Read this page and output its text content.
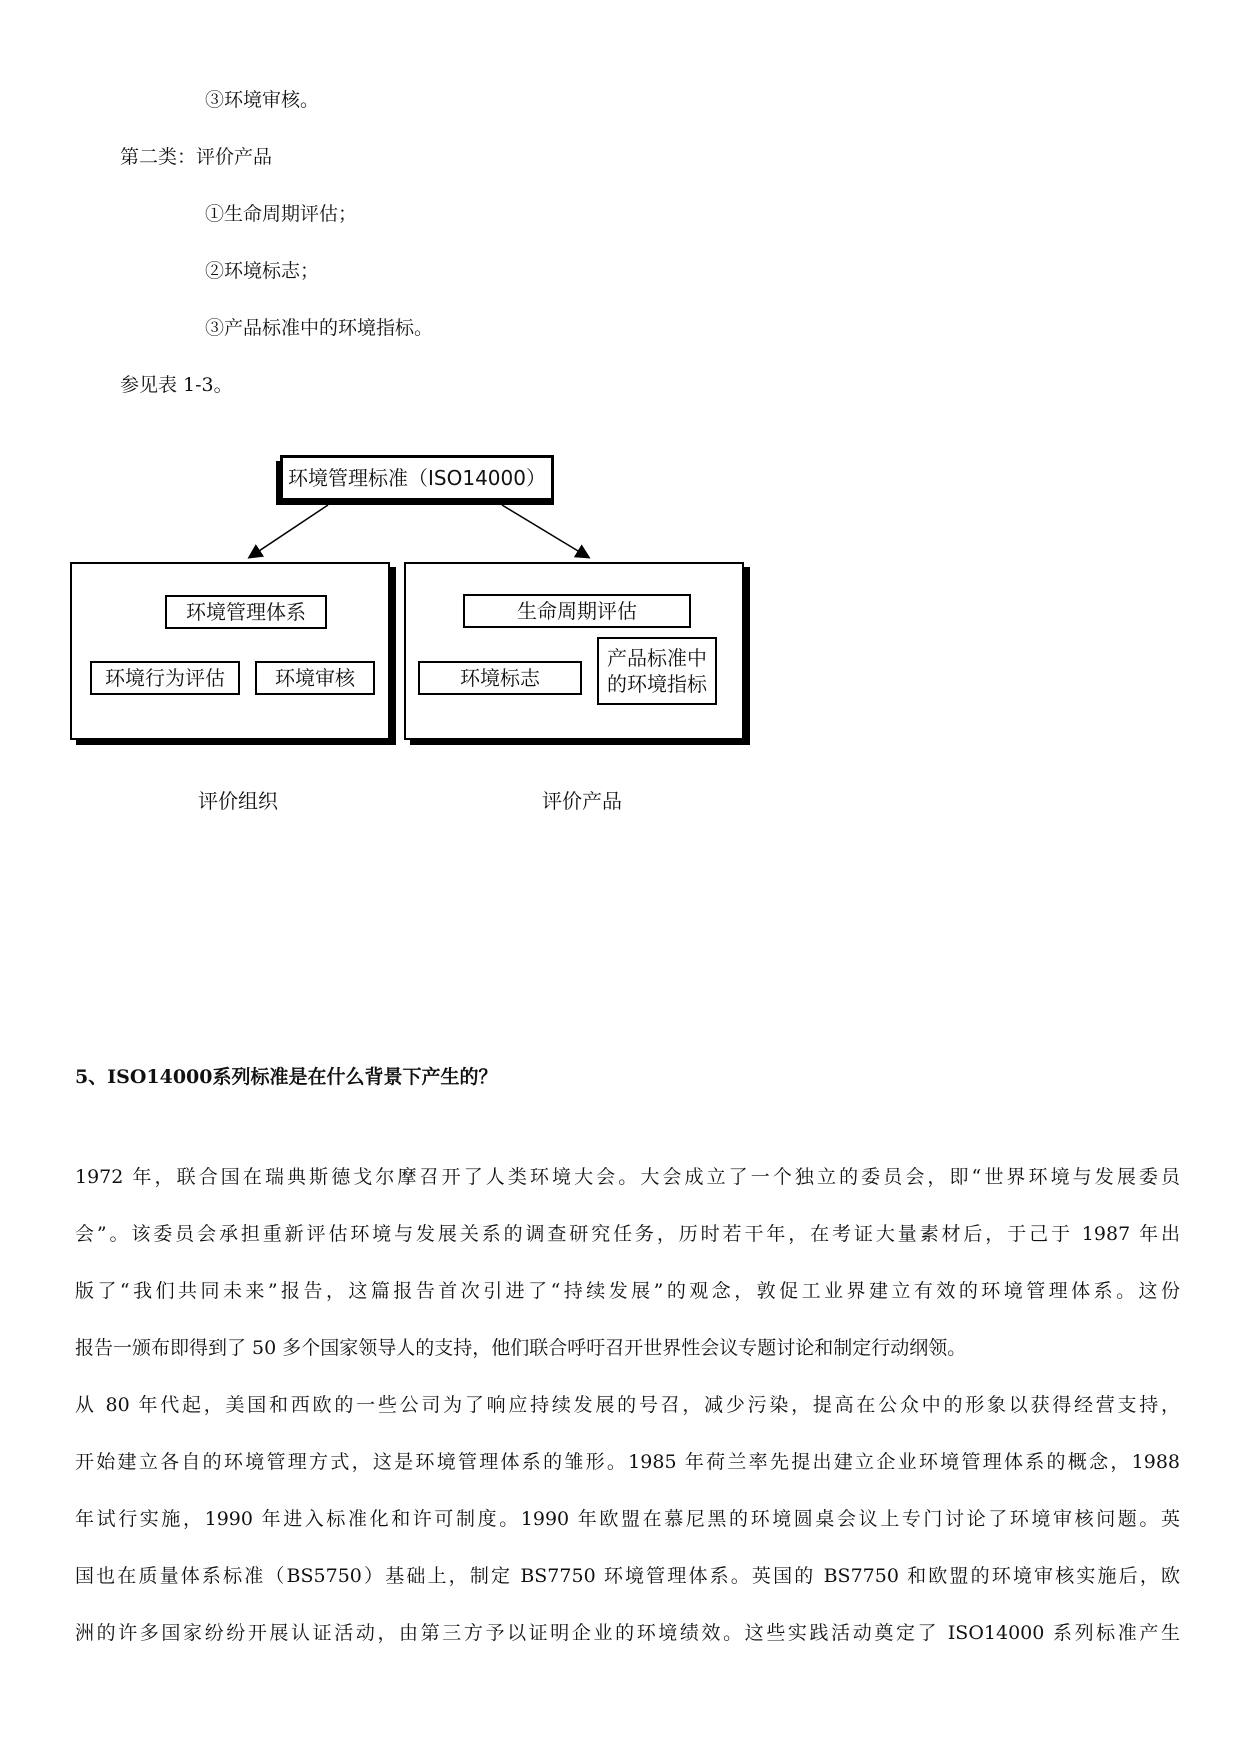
③环境审核。
第二类：评价产品
①生命周期评估；
②环境标志；
③产品标准中的环境指标。
参见表 1-3。
环境管理标准（ISO14000）
环境管理体系
环境行为评估	环境审核
生命周期评估
环境标志
产品标准中
的环境指标
评价组织	评价产品
5、ISO14000系列标准是在什么背景下产生的？
1972 年，联合国在瑞典斯德戈尔摩召开了人类环境大会。大会成立了一个独立的委员会，即“世界环境与发展委员
会”。该委员会承担重新评估环境与发展关系的调查研究任务，历时若干年，在考证大量素材后，于己于 1987 年出
版了“我们共同未来”报告，这篇报告首次引进了“持续发展”的观念，敦促工业界建立有效的环境管理体系。这份
报告一颁布即得到了 50 多个国家领导人的支持，他们联合呼吁召开世界性会议专题讨论和制定行动纲领。
从 80 年代起，美国和西欧的一些公司为了响应持续发展的号召，减少污染，提高在公众中的形象以获得经营支持，
开始建立各自的环境管理方式，这是环境管理体系的雏形。1985 年荷兰率先提出建立企业环境管理体系的概念，1988
年试行实施，1990 年进入标准化和许可制度。1990 年欧盟在慕尼黑的环境圆桌会议上专门讨论了环境审核问题。英
国也在质量体系标准（BS5750）基础上，制定 BS7750 环境管理体系。英国的 BS7750 和欧盟的环境审核实施后，欧
洲的许多国家纷纷开展认证活动，由第三方予以证明企业的环境绩效。这些实践活动奠定了 ISO14000 系列标准产生
